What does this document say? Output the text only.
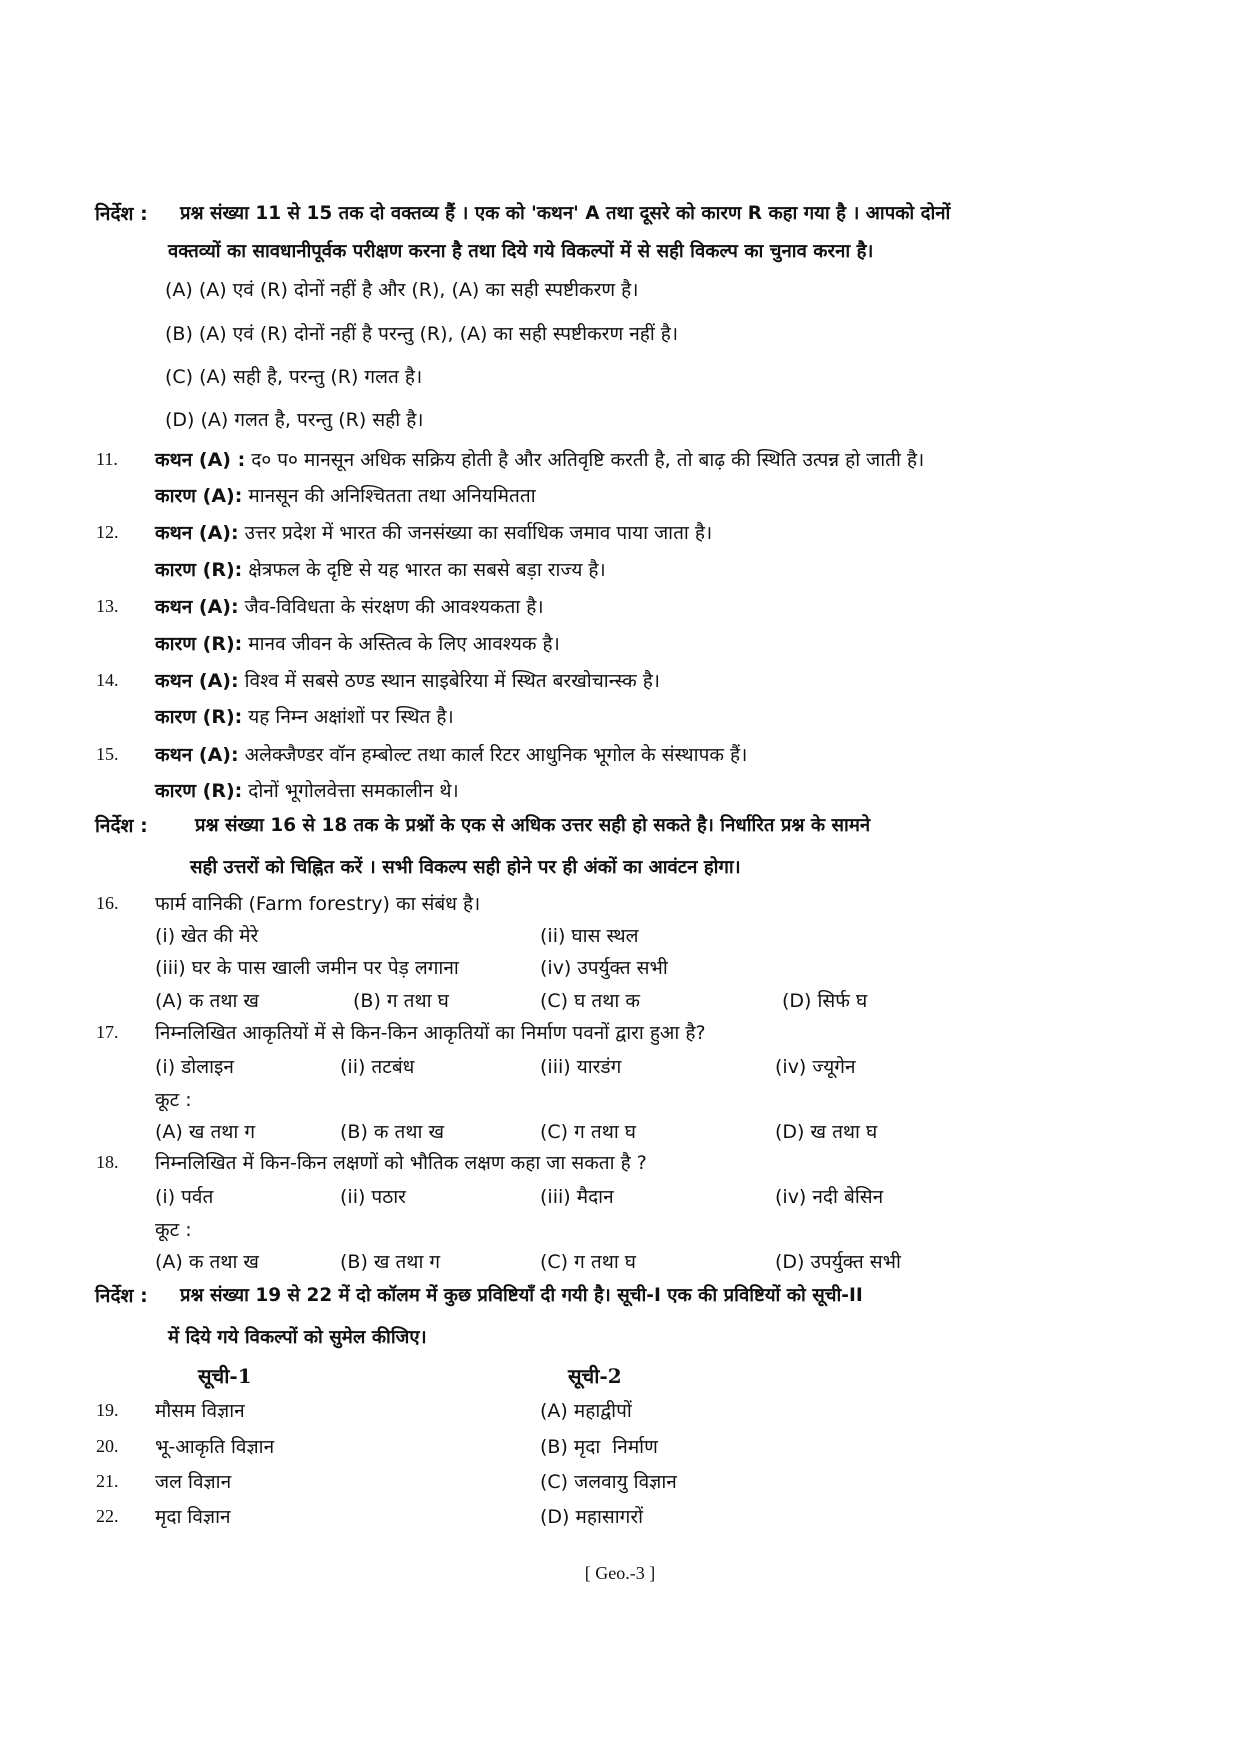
निर्देश : प्रश्न संख्या 11 से 15 तक दो वक्तव्य हैं । एक को 'कथन' A तथा दूसरे को कारण R कहा गया है । आपको दोनों
वक्तव्यों का सावधानीपूर्वक परीक्षण करना है तथा दिये गये विकल्पों में से सही विकल्प का चुनाव करना है।
(A) (A) एवं (R) दोनों नहीं है और (R), (A) का सही स्पष्टीकरण है।
(B) (A) एवं (R) दोनों नहीं है परन्तु (R), (A) का सही स्पष्टीकरण नहीं है।
(C) (A) सही है, परन्तु (R) गलत है।
(D) (A) गलत है, परन्तु (R) सही है।
11. कथन (A) : द० प० मानसून अधिक सक्रिय होती है और अतिवृष्टि करती है, तो बाढ़ की स्थिति उत्पन्न हो जाती है।
कारण (A): मानसून की अनिश्चितता तथा अनियमितता
12. कथन (A): उत्तर प्रदेश में भारत की जनसंख्या का सर्वाधिक जमाव पाया जाता है।
कारण (R): क्षेत्रफल के दृष्टि से यह भारत का सबसे बड़ा राज्य है।
13. कथन (A): जैव-विविधता के संरक्षण की आवश्यकता है।
कारण (R): मानव जीवन के अस्तित्व के लिए आवश्यक है।
14. कथन (A): विश्व में सबसे ठण्ड स्थान साइबेरिया में स्थित बरखोचान्स्क है।
कारण (R): यह निम्न अक्षांशों पर स्थित है।
15. कथन (A): अलेक्जैण्डर वॉन हम्बोल्ट तथा कार्ल रिटर आधुनिक भूगोल के संस्थापक हैं।
कारण (R): दोनों भूगोलवेत्ता समकालीन थे।
निर्देश :	प्रश्न संख्या 16 से 18 तक के प्रश्नों के एक से अधिक उत्तर सही हो सकते है। निर्धारित प्रश्न के सामने
सही उत्तरों को चिह्नित करें । सभी विकल्प सही होने पर ही अंकों का आवंटन होगा।
16. फार्म वानिकी (Farm forestry) का संबंध है।
(i) खेत की मेरे	(ii) घास स्थल
(iii) घर के पास खाली जमीन पर पेड़ लगाना	(iv) उपर्युक्त सभी
(A) क तथा ख	(B) ग तथा घ	(C) घ तथा क	(D) सिर्फ घ
17. निम्नलिखित आकृतियों में से किन-किन आकृतियों का निर्माण पवनों द्वारा हुआ है?
(i) डोलाइन	(ii) तटबंध	(iii) यारडंग	(iv) ज्यूगेन
कूट :
(A) ख तथा ग	(B) क तथा ख	(C) ग तथा घ	(D) ख तथा घ
18. निम्नलिखित में किन-किन लक्षणों को भौतिक लक्षण कहा जा सकता है ?
(i) पर्वत	(ii) पठार	(iii) मैदान	(iv) नदी बेसिन
कूट :
(A) क तथा ख	(B) ख तथा ग	(C) ग तथा घ	(D) उपर्युक्त सभी
निर्देश : प्रश्न संख्या 19 से 22 में दो कॉलम में कुछ प्रविष्टियाँ दी गयी है। सूची-I एक की प्रविष्टियों को सूची-II
में दिये गये विकल्पों को सुमेल कीजिए।
सूची-1	सूची-2
19. मौसम विज्ञान	(A) महाद्वीपों
20. भू-आकृति विज्ञान	(B) मृदा  निर्माण
21. जल विज्ञान	(C) जलवायु विज्ञान
22. मृदा विज्ञान	(D) महासागरों
[ Geo.-3 ]
